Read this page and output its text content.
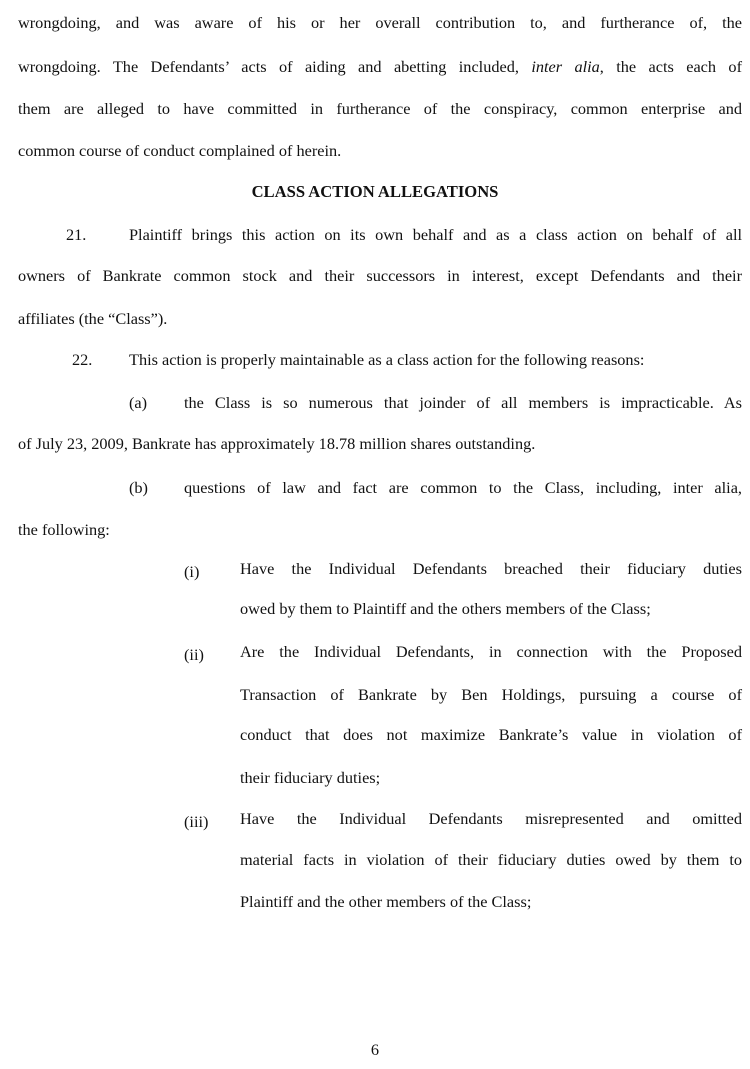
wrongdoing, and was aware of his or her overall contribution to, and furtherance of, the
wrongdoing. The Defendants’ acts of aiding and abetting included, inter alia, the acts each of
them are alleged to have committed in furtherance of the conspiracy, common enterprise and
common course of conduct complained of herein.
CLASS ACTION ALLEGATIONS
21.	Plaintiff brings this action on its own behalf and as a class action on behalf of all
owners of Bankrate common stock and their successors in interest, except Defendants and their
affiliates (the “Class”).
22. This action is properly maintainable as a class action for the following reasons:
(a) the Class is so numerous that joinder of all members is impracticable. As
of July 23, 2009, Bankrate has approximately 18.78 million shares outstanding.
(b) questions of law and fact are common to the Class, including, inter alia,
the following:
(i) Have the Individual Defendants breached their fiduciary duties
owed by them to Plaintiff and the others members of the Class;
(ii) Are the Individual Defendants, in connection with the Proposed
Transaction of Bankrate by Ben Holdings, pursuing a course of
conduct that does not maximize Bankrate’s value in violation of
their fiduciary duties;
(iii) Have the Individual Defendants misrepresented and omitted
material facts in violation of their fiduciary duties owed by them to
Plaintiff and the other members of the Class;
6
